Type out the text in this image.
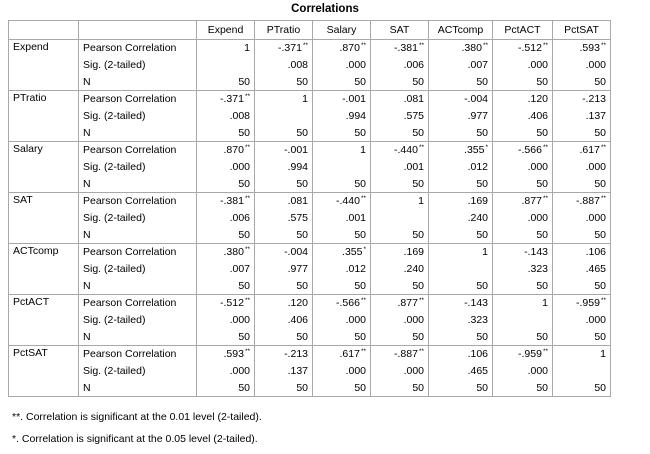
Correlations
		Expend	PTratio	Salary	SAT	ACTcomp	PctACT	PctSAT
Expend	Pearson Correlation	1	-.371**	.870**	-.381**	.380**	-.512**	.593**
	Sig. (2-tailed)		.008	.000	.006	.007	.000	.000
	N	50	50	50	50	50	50	50
PTratio	Pearson Correlation	-.371**	1	-.001	.081	-.004	.120	-.213
	Sig. (2-tailed)	.008		.994	.575	.977	.406	.137
	N	50	50	50	50	50	50	50
Salary	Pearson Correlation	.870**	-.001	1	-.440**	.355*	-.566**	.617**
	Sig. (2-tailed)	.000	.994		.001	.012	.000	.000
	N	50	50	50	50	50	50	50
SAT	Pearson Correlation	-.381**	.081	-.440**	1	.169	.877**	-.887**
	Sig. (2-tailed)	.006	.575	.001		.240	.000	.000
	N	50	50	50	50	50	50	50
ACTcomp	Pearson Correlation	.380**	-.004	.355*	.169	1	-.143	.106
	Sig. (2-tailed)	.007	.977	.012	.240		.323	.465
	N	50	50	50	50	50	50	50
PctACT	Pearson Correlation	-.512**	.120	-.566**	.877**	-.143	1	-.959**
	Sig. (2-tailed)	.000	.406	.000	.000	.323		.000
	N	50	50	50	50	50	50	50
PctSAT	Pearson Correlation	.593**	-.213	.617**	-.887**	.106	-.959**	1
	Sig. (2-tailed)	.000	.137	.000	.000	.465	.000	
	N	50	50	50	50	50	50	50
**. Correlation is significant at the 0.01 level (2-tailed).
*. Correlation is significant at the 0.05 level (2-tailed).
